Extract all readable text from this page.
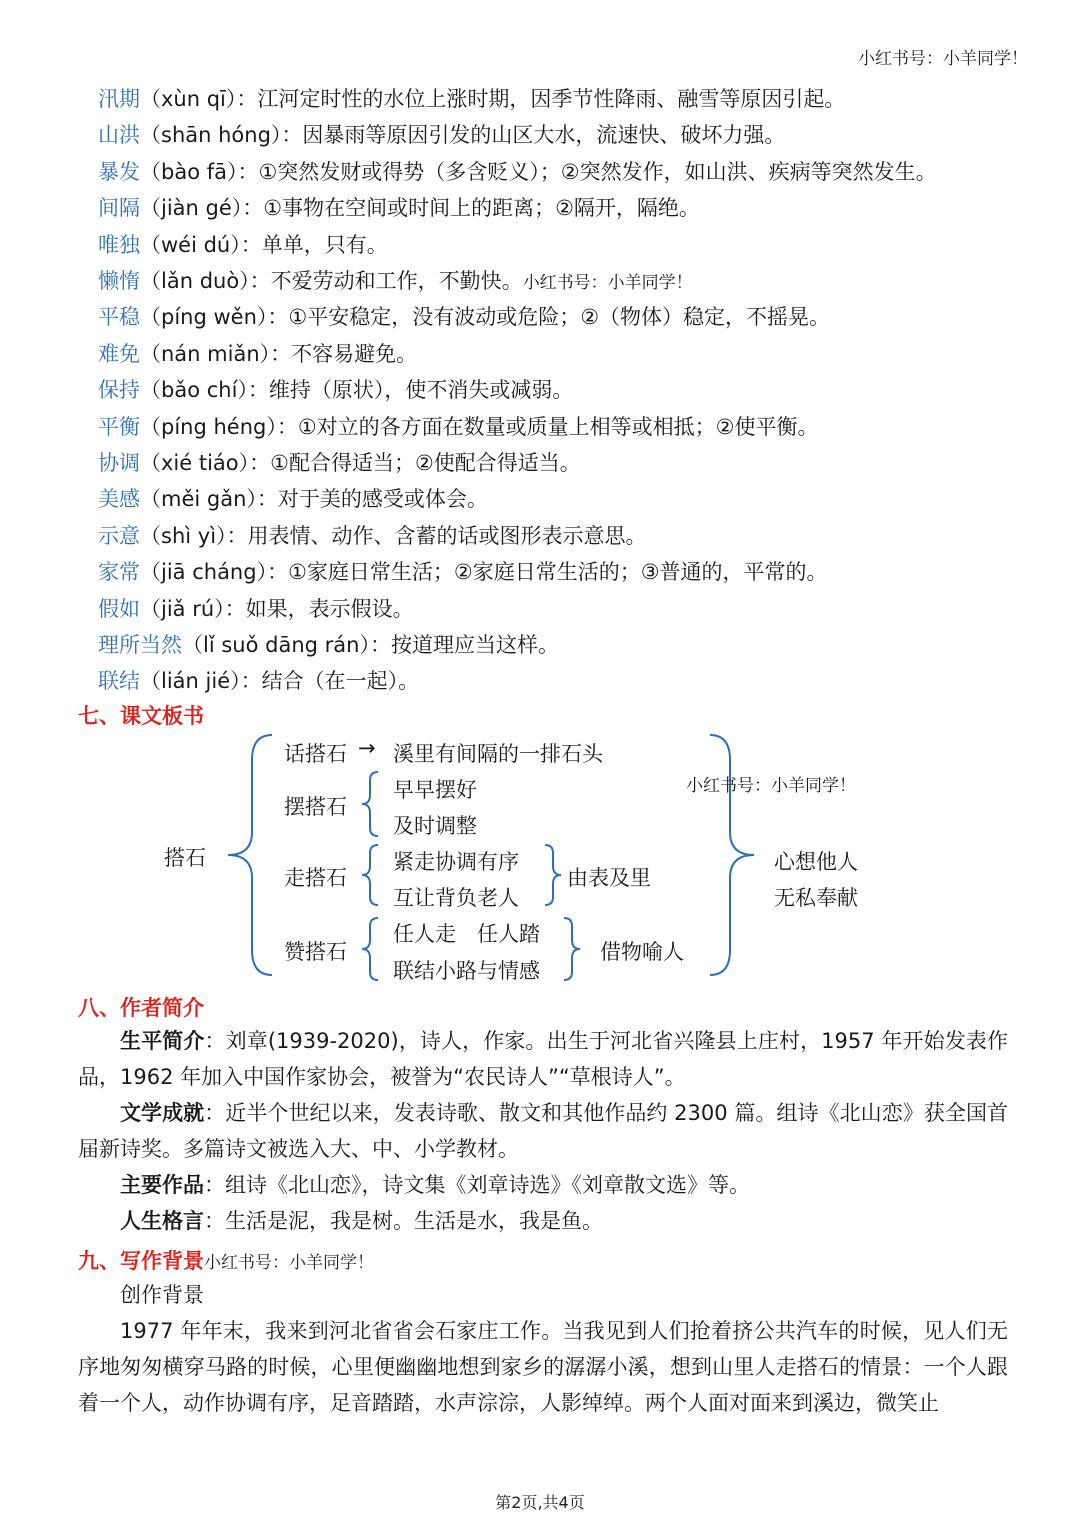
小红书号：小羊同学！
汛期（xùn qī）：江河定时性的水位上涨时期，因季节性降雨、融雪等原因引起。
山洪（shān hóng）：因暴雨等原因引发的山区大水，流速快、破坏力强。
暴发（bào fā）：①突然发财或得势（多含贬义）；②突然发作，如山洪、疾病等突然发生。
间隔（jiàn gé）：①事物在空间或时间上的距离；②隔开，隔绝。
唯独（wéi dú）：单单，只有。
懒惰（lǎn duò）：不爱劳动和工作，不勤快。小红书号：小羊同学！
平稳（píng wěn）：①平安稳定，没有波动或危险；②（物体）稳定，不摇晃。
难免（nán miǎn）：不容易避免。
保持（bǎo chí）：维持（原状），使不消失或减弱。
平衡（píng héng）：①对立的各方面在数量或质量上相等或相抵；②使平衡。
协调（xié tiáo）：①配合得适当；②使配合得适当。
美感（měi gǎn）：对于美的感受或体会。
示意（shì yì）：用表情、动作、含蓄的话或图形表示意思。
家常（jiā cháng）：①家庭日常生活；②家庭日常生活的；③普通的，平常的。
假如（jiǎ rú）：如果，表示假设。
理所当然（lǐ suǒ dāng rán）：按道理应当这样。
联结（lián jié）：结合（在一起）。
七、课文板书
搭石
话搭石 → 溪里有间隔的一排石头
摆搭石
早早摆好
及时调整
走搭石
紧走协调有序
互让背负老人
由表及里
赞搭石
任人走　任人踏
联结小路与情感
借物喻人
小红书号：小羊同学！
心想他人
无私奉献
八、作者简介
生平简介：刘章(1939-2020)，诗人，作家。出生于河北省兴隆县上庄村，1957 年开始发表作品，1962 年加入中国作家协会，被誉为“农民诗人”“草根诗人”。
文学成就：近半个世纪以来，发表诗歌、散文和其他作品约 2300 篇。组诗《北山恋》获全国首届新诗奖。多篇诗文被选入大、中、小学教材。
主要作品：组诗《北山恋》，诗文集《刘章诗选》《刘章散文选》等。
人生格言：生活是泥，我是树。生活是水，我是鱼。
九、写作背景小红书号：小羊同学！
创作背景
1977 年年末，我来到河北省省会石家庄工作。当我见到人们抢着挤公共汽车的时候，见人们无序地匆匆横穿马路的时候，心里便幽幽地想到家乡的潺潺小溪，想到山里人走搭石的情景：一个人跟着一个人，动作协调有序，足音踏踏，水声淙淙，人影绰绰。两个人面对面来到溪边，微笑止
第2页,共4页
